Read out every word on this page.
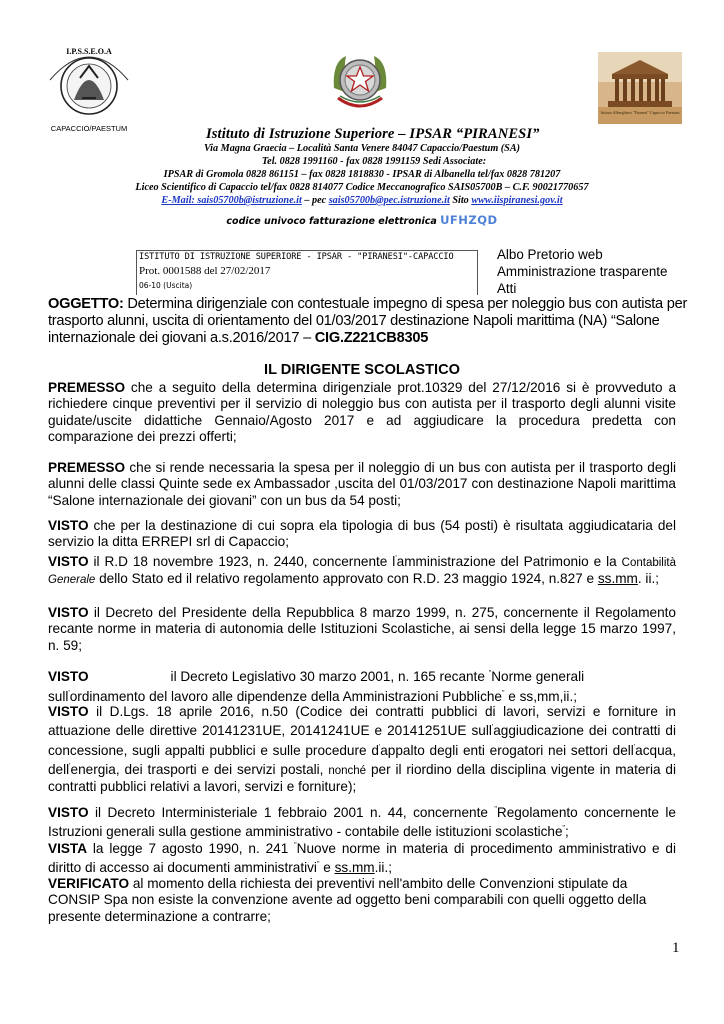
I.P.S.S.E.O.A
CAPACCIO/PAESTUM
Istituto Alberghiero "Piranesi" Capaccio Paestum
Istituto di Istruzione Superiore – IPSAR “PIRANESI”
Via Magna Graecia – Località Santa Venere 84047 Capaccio/Paestum (SA)
Tel. 0828 1991160 - fax 0828 1991159 Sedi Associate:
IPSAR di Gromola 0828 861151 – fax 0828 1818830 - IPSAR di Albanella tel/fax 0828 781207
Liceo Scientifico di Capaccio tel/fax 0828 814077 Codice Meccanografico SAIS05700B – C.F. 90021770657
E-Mail: sais05700b@istruzione.it – pec sais05700b@pec.istruzione.it Sito www.iispiranesi.gov.it
codice univoco fatturazione elettronica UFHZQD
ISTITUTO DI ISTRUZIONE SUPERIORE - IPSAR - "PIRANESI"-CAPACCIO
Prot. 0001588 del 27/02/2017
06-10 (Uscita)
Albo Pretorio web
Amministrazione trasparente
Atti
OGGETTO: Determina dirigenziale con contestuale impegno di spesa per noleggio bus con autista per trasporto alunni, uscita di orientamento del 01/03/2017 destinazione Napoli marittima (NA) “Salone internazionale dei giovani a.s.2016/2017 – CIG.Z221CB8305
IL DIRIGENTE SCOLASTICO
PREMESSO che a seguito della determina dirigenziale prot.10329 del 27/12/2016 si è provveduto a richiedere cinque preventivi per il servizio di noleggio bus con autista per il trasporto degli alunni visite guidate/uscite didattiche Gennaio/Agosto 2017 e ad aggiudicare la procedura predetta con comparazione dei prezzi offerti;
PREMESSO che si rende necessaria la spesa per il noleggio di un bus con autista per il trasporto degli alunni delle classi Quinte sede ex Ambassador ,uscita del 01/03/2017 con destinazione Napoli marittima “Salone internazionale dei giovani” con un bus da 54 posti;
VISTO che per la destinazione di cui sopra ela tipologia di bus (54 posti) è risultata aggiudicataria del servizio la ditta ERREPI srl di Capaccio;
VISTO il R.D 18 novembre 1923, n. 2440, concernente l'amministrazione del Patrimonio e la Contabilità Generale dello Stato ed il relativo regolamento approvato con R.D. 23 maggio 1924, n.827 e ss.mm. ii.;
VISTO il Decreto del Presidente della Repubblica 8 marzo 1999, n. 275, concernente il Regolamento recante norme in materia di autonomia delle Istituzioni Scolastiche, ai sensi della legge 15 marzo 1997, n. 59;
VISTO	il Decreto Legislativo 30 marzo 2001, n. 165 recante "Norme generali
sull'ordinamento del lavoro alle dipendenze della Amministrazioni Pubbliche" e ss,mm,ii.;
VISTO il D.Lgs. 18 aprile 2016, n.50 (Codice dei contratti pubblici di lavori, servizi e forniture in attuazione delle direttive 20141231UE, 20141241UE e 20141251UE sull'aggiudicazione dei contratti di concessione, sugli appalti pubblici e sulle procedure d'appalto degli enti erogatori nei settori dell'acqua, dell'energia, dei trasporti e dei servizi postali, nonché per il riordino della disciplina vigente in materia di contratti pubblici relativi a lavori, servizi e forniture);
VISTO il Decreto Interministeriale 1 febbraio 2001 n. 44, concernente "Regolamento concernente le Istruzioni generali sulla gestione amministrativo - contabile delle istituzioni scolastiche";
VISTA la legge 7 agosto 1990, n. 241 "Nuove norme in materia di procedimento amministrativo e di diritto di accesso ai documenti amministrativi" e ss.mm.ii.;
VERIFICATO al momento della richiesta dei preventivi nell'ambito delle Convenzioni stipulate da CONSIP Spa non esiste la convenzione avente ad oggetto beni comparabili con quelli oggetto della presente determinazione a contrarre;
1
